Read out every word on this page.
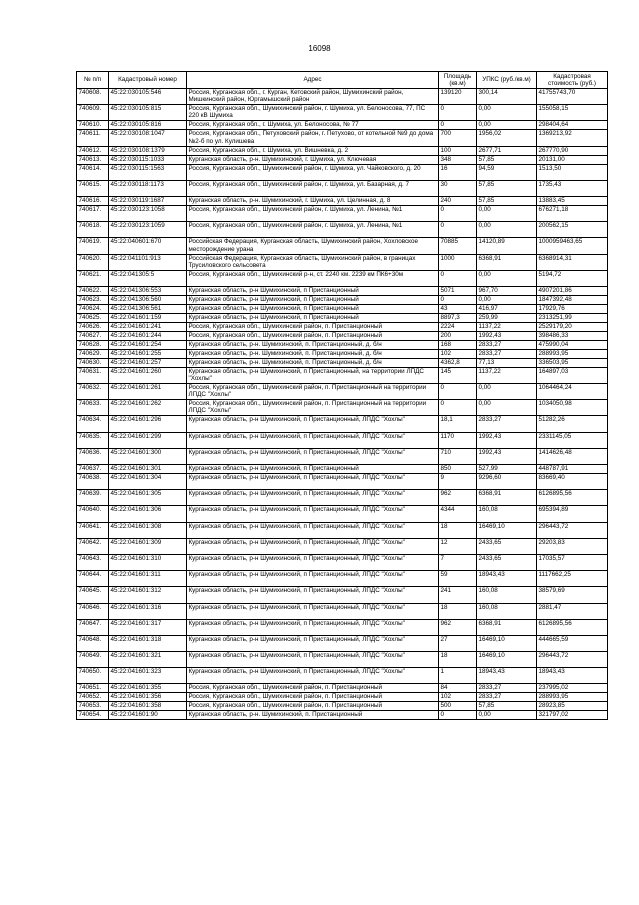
16098
№ п/п	Кадастровый номер	Адрес	Площадь (кв.м)	УПКС (руб./кв.м)	Кадастровая стоимость (руб.)
740608.	45:22:030105:546	Россия, Курганская обл., г. Курган, Кетовский район, Шумихинский район, Мишкинский район, Юргамышский район	139120	300,14	41755743,70
740609.	45:22:030105:815	Россия, Курганская обл., Шумихинский район, г. Шумиха, ул. Белоносова, 77, ПС 220 кВ Шумиха	0	0,00	155058,15
740610.	45:22:030105:816	Россия, Курганская обл., г. Шумиха, ул. Белоносова, № 77	0	0,00	298404,64
740611.	45:22:030108:1047	Россия, Курганская обл., Петуховский район, г. Петухово, от котельной №9 до дома №2-б по ул. Кулишева	700	1956,02	1369213,92
740612.	45:22:030108:1379	Россия, Курганская обл., г. Шумиха, ул. Вишневка, д. 2	100	2677,71	267770,90
740613.	45:22:030115:1033	Курганская область, р-н. Шумихинский, г. Шумиха, ул. Ключевая	348	57,85	20131,00
740614.	45:22:030115:1563	Россия, Курганская обл., Шумихинский район, г. Шумиха, ул. Чайковского, д. 20	16	94,59	1513,50
740615.	45:22:030118:1173	Россия, Курганская обл., Шумихинский район, г. Шумиха, ул. Базарная, д. 7	30	57,85	1735,43
740616.	45:22:030119:1687	Курганская область, р-н. Шумихинский, г. Шумиха, ул. Целинная, д. 8	240	57,85	13883,45
740617.	45:22:030123:1058	Россия, Курганская обл., Шумихинский район, г. Шумиха, ул. Ленина, №1	0	0,00	676271,18
740618.	45:22:030123:1059	Россия, Курганская обл., Шумихинский район, г. Шумиха, ул. Ленина, №1	0	0,00	200562,15
740619.	45:22:040601:670	Российская Федерация, Курганская область, Шумихинский район, Хохловское месторождение урана	70885	14120,89	1000959463,65
740620.	45:22:041101:913	Российская Федерация, Курганская область, Шумихинский район, в границах Трусиловского сельсовета	1000	6368,91	6368914,31
740621.	45:22:041305:5	Россия, Курганская обл., Шумихинский р-н, ст. 2240 км. 2239 км ПК6+30м	0	0,00	5194,72
740622.	45:22:041306:553	Курганская область, р-н Шумихинский, п Пристанционный	5071	967,70	4907201,86
740623.	45:22:041306:560	Курганская область, р-н Шумихинский, п Пристанционный	0	0,00	1847392,48
740624.	45:22:041306:561	Курганская область, р-н Шумихинский, п Пристанционный	43	416,97	17929,76
740625.	45:22:041601:159	Курганская область, р-н Шумихинский, п Пристанционный	8897,3	259,99	2313251,99
740626.	45:22:041601:241	Россия, Курганская обл., Шумихинский район, п. Пристанционный	2224	1137,22	2529179,20
740627.	45:22:041601:244	Россия, Курганская обл., Шумихинский район, п. Пристанционный	200	1992,43	398486,33
740628.	45:22:041601:254	Курганская область, р-н. Шумихинский, п. Пристанционный, д. б/н	168	2833,27	475990,04
740629.	45:22:041601:255	Курганская область, р-н. Шумихинский, п. Пристанционный, д. б/н	102	2833,27	288993,95
740630.	45:22:041601:257	Курганская область, р-н. Шумихинский, п. Пристанционный, д. б/н	4362,8	77,13	336503,95
740631.	45:22:041601:260	Курганская область, р-н Шумихинский, п Пристанционный, на территории ЛПДС "Хохлы"	145	1137,22	164897,03
740632.	45:22:041601:261	Россия, Курганская обл., Шумихинский район, п. Пристанционный на территории ЛПДС "Хохлы"	0	0,00	1064464,24
740633.	45:22:041601:262	Россия, Курганская обл., Шумихинский район, п. Пристанционный на территории ЛПДС "Хохлы"	0	0,00	1034050,98
740634.	45:22:041601:296	Курганская область, р-н Шумихинский, п Пристанционный, ЛПДС "Хохлы"	18,1	2833,27	51282,26
740635.	45:22:041601:299	Курганская область, р-н Шумихинский, п Пристанционный, ЛПДС "Хохлы"	1170	1992,43	2331145,05
740636.	45:22:041601:300	Курганская область, р-н Шумихинский, п Пристанционный, ЛПДС "Хохлы"	710	1992,43	1414626,48
740637.	45:22:041601:301	Курганская область, р-н Шумихинский, п Пристанционный	850	527,99	448787,91
740638.	45:22:041601:304	Курганская область, р-н Шумихинский, п Пристанционный, ЛПДС "Хохлы"	9	9296,60	83669,40
740639.	45:22:041601:305	Курганская область, р-н Шумихинский, п Пристанционный, ЛПДС "Хохлы"	962	6368,91	6126895,56
740640.	45:22:041601:306	Курганская область, р-н Шумихинский, п Пристанционный, ЛПДС "Хохлы"	4344	160,08	695394,89
740641.	45:22:041601:308	Курганская область, р-н Шумихинский, п Пристанционный, ЛПДС "Хохлы"	18	16469,10	296443,72
740642.	45:22:041601:309	Курганская область, р-н Шумихинский, п Пристанционный, ЛПДС "Хохлы"	12	2433,65	29203,83
740643.	45:22:041601:310	Курганская область, р-н Шумихинский, п Пристанционный, ЛПДС "Хохлы"	7	2433,65	17035,57
740644.	45:22:041601:311	Курганская область, р-н Шумихинский, п Пристанционный, ЛПДС "Хохлы"	59	18943,43	1117662,25
740645.	45:22:041601:312	Курганская область, р-н Шумихинский, п Пристанционный, ЛПДС "Хохлы"	241	160,08	38579,69
740646.	45:22:041601:316	Курганская область, р-н Шумихинский, п Пристанционный, ЛПДС "Хохлы"	18	160,08	2881,47
740647.	45:22:041601:317	Курганская область, р-н Шумихинский, п Пристанционный, ЛПДС "Хохлы"	962	6368,91	6126895,56
740648.	45:22:041601:318	Курганская область, р-н Шумихинский, п Пристанционный, ЛПДС "Хохлы"	27	16469,10	444665,59
740649.	45:22:041601:321	Курганская область, р-н Шумихинский, п Пристанционный, ЛПДС "Хохлы"	18	16469,10	296443,72
740650.	45:22:041601:323	Курганская область, р-н Шумихинский, п Пристанционный, ЛПДС "Хохлы"	1	18943,43	18943,43
740651.	45:22:041601:355	Россия, Курганская обл., Шумихинский район, п. Пристанционный	84	2833,27	237995,02
740652.	45:22:041601:356	Россия, Курганская обл., Шумихинский район, п. Пристанционный	102	2833,27	288993,95
740653.	45:22:041601:358	Россия, Курганская обл., Шумихинский район, п. Пристанционный	500	57,85	28923,85
740654.	45:22:041601:90	Курганская область, р-н. Шумихинский, п. Пристанционный	0	0,00	321797,02
